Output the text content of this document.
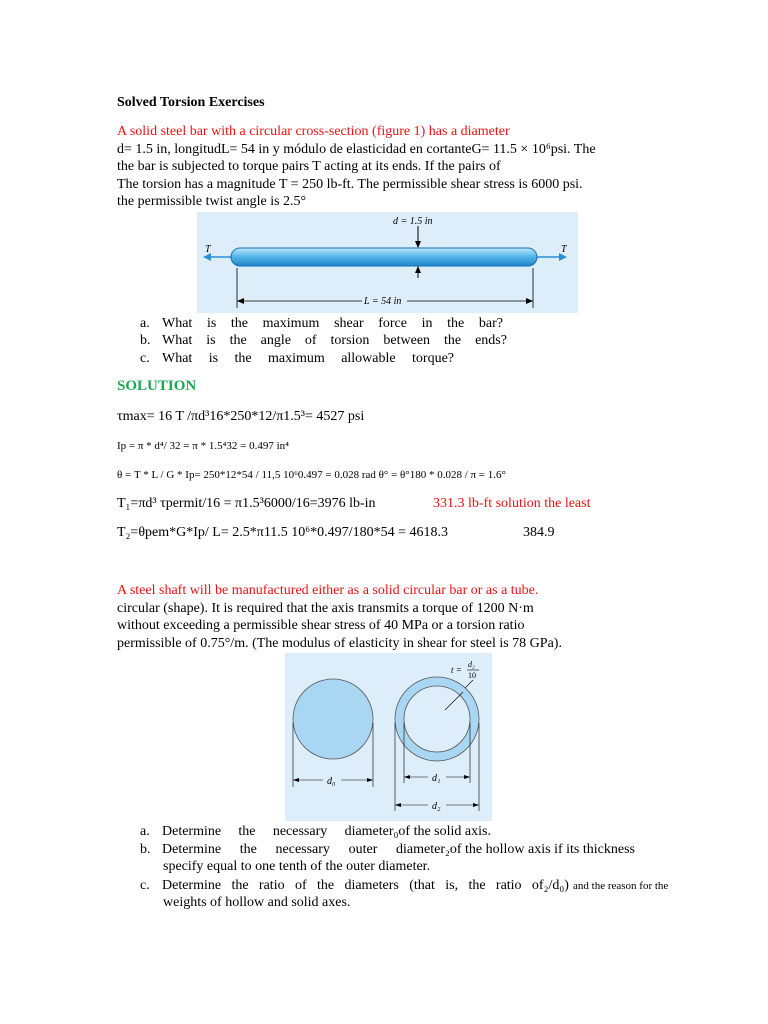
Solved Torsion Exercises
A solid steel bar with a circular cross-section (figure 1) has a diameter
d= 1.5 in, longitudL= 54 in y módulo de elasticidad en cortanteG= 11.5 × 10⁶psi. The
the bar is subjected to torque pairs T acting at its ends. If the pairs of
The torsion has a magnitude T = 250 lb-ft. The permissible shear stress is 6000 psi.
the permissible twist angle is 2.5°
T	T
d = 1.5 in
L = 54 in
a. What is the maximum shear force in the bar?
b. What is the angle of torsion between the ends?
c. What is the maximum allowable torque?
SOLUTION
τmax= 16 T /πd³16*250*12/π1.5³= 4527 psi
Ip = π * d⁴/ 32 = π * 1.5⁴32 = 0.497 in⁴
θ = T * L / G * Ip= 250*12*54 / 11,5 10⁶0.497 = 0.028 rad θ° = θ°180 * 0.028 / π = 1.6°
T₁=πd³ τpermit/16 = π1.5³6000/16=3976 lb-in	331.3 lb-ft solution the least
T₂=θpem*G*Ip/ L= 2.5*π11.5 10⁶*0.497/180*54 = 4618.3	384.9
A steel shaft will be manufactured either as a solid circular bar or as a tube.
circular (shape). It is required that the axis transmits a torque of 1200 N·m
without exceeding a permissible shear stress of 40 MPa or a torsion ratio
permissible of 0.75°/m. (The modulus of elasticity in shear for steel is 78 GPa).
d₀	d₁
d₂
t =
d₂
10
a. Determine the necessary diameter₀of the solid axis.
b. Determine the necessary outer diameter₂of the hollow axis if its thickness
specify equal to one tenth of the outer diameter.
c. Determine the ratio of the diameters (that is, the ratio of₂/d₀) and the reason for the
weights of hollow and solid axes.
